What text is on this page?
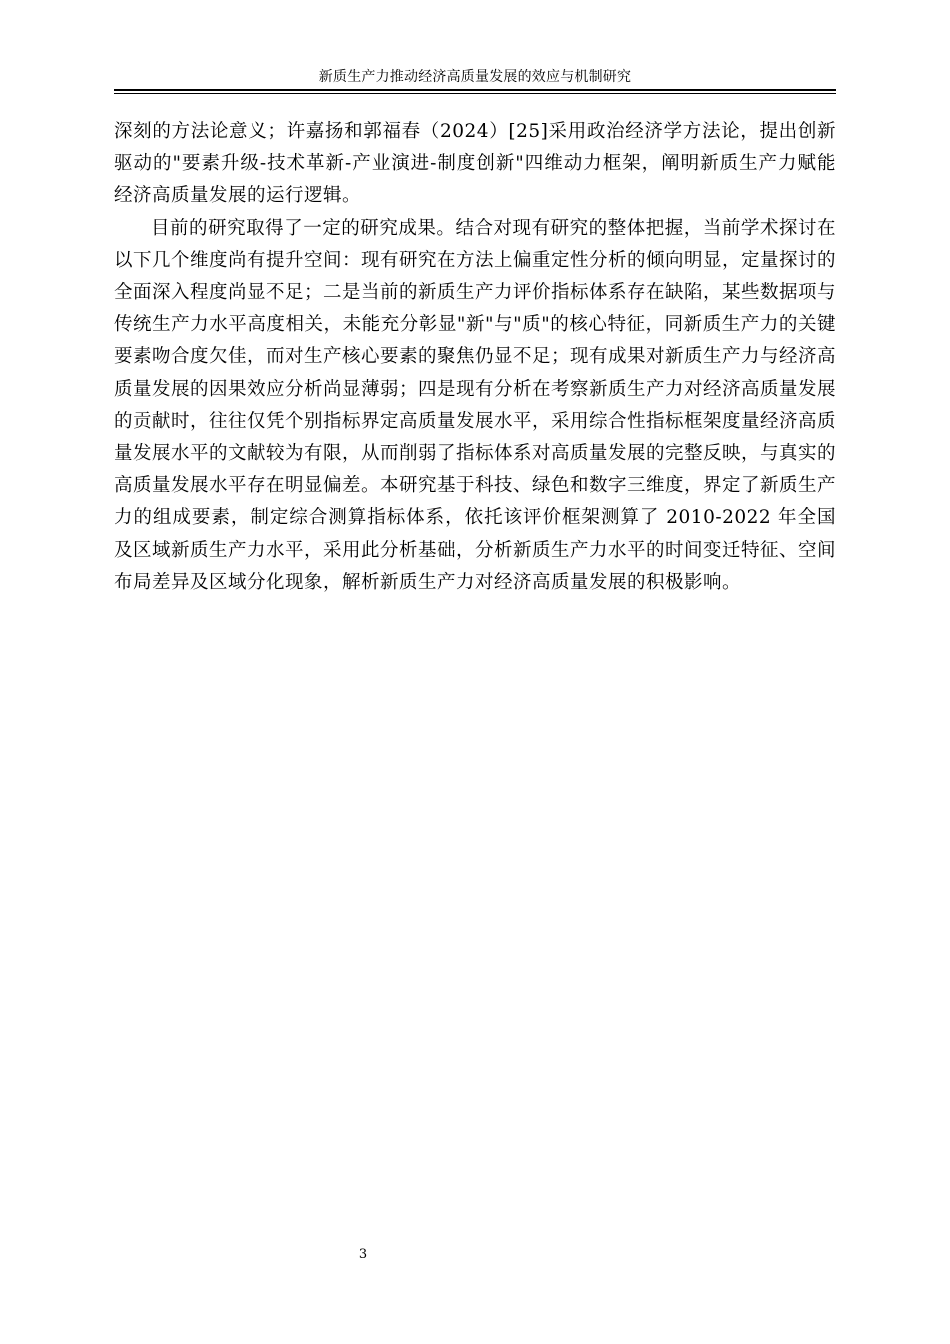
新质生产力推动经济高质量发展的效应与机制研究

深刻的方法论意义；许嘉扬和郭福春（2024）[25]采用政治经济学方法论，提出创新驱动的"要素升级-技术革新-产业演进-制度创新"四维动力框架，阐明新质生产力赋能经济高质量发展的运行逻辑。

目前的研究取得了一定的研究成果。结合对现有研究的整体把握，当前学术探讨在以下几个维度尚有提升空间：现有研究在方法上偏重定性分析的倾向明显，定量探讨的全面深入程度尚显不足；二是当前的新质生产力评价指标体系存在缺陷，某些数据项与传统生产力水平高度相关，未能充分彰显"新"与"质"的核心特征，同新质生产力的关键要素吻合度欠佳，而对生产核心要素的聚焦仍显不足；现有成果对新质生产力与经济高质量发展的因果效应分析尚显薄弱；四是现有分析在考察新质生产力对经济高质量发展的贡献时，往往仅凭个别指标界定高质量发展水平，采用综合性指标框架度量经济高质量发展水平的文献较为有限，从而削弱了指标体系对高质量发展的完整反映，与真实的高质量发展水平存在明显偏差。本研究基于科技、绿色和数字三维度，界定了新质生产力的组成要素，制定综合测算指标体系，依托该评价框架测算了 2010-2022 年全国及区域新质生产力水平，采用此分析基础，分析新质生产力水平的时间变迁特征、空间布局差异及区域分化现象，解析新质生产力对经济高质量发展的积极影响。

3
